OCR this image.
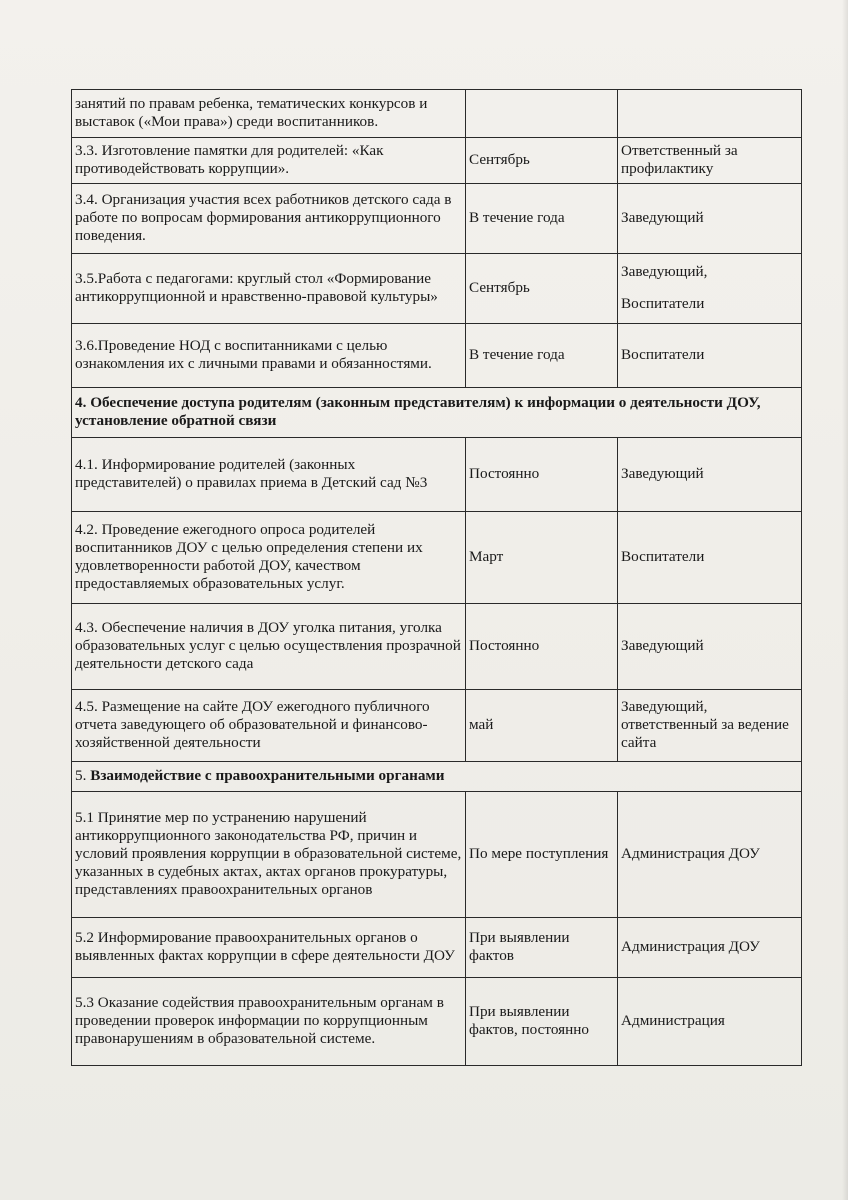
занятий по правам ребенка, тематических конкурсов и выставок («Мои права») среди воспитанников.		
3.3. Изготовление памятки для родителей: «Как противодействовать коррупции».	Сентябрь	Ответственный за профилактику
3.4. Организация участия всех работников детского сада в работе по вопросам формирования антикоррупционного поведения.	В течение года	Заведующий
3.5.Работа с педагогами: круглый стол «Формирование антикоррупционной и нравственно-правовой культуры»	Сентябрь	Заведующий,
Воспитатели

3.6.Проведение НОД с воспитанниками с целью ознакомления их с личными правами и обязанностями.	В течение года	Воспитатели
4. Обеспечение доступа родителям (законным представителям) к информации о деятельности ДОУ, установление обратной связи		
4.1. Информирование родителей (законных представителей) о правилах приема в Детский сад №3	Постоянно	Заведующий
4.2. Проведение ежегодного опроса родителей воспитанников ДОУ с целью определения степени их удовлетворенности работой ДОУ, качеством предоставляемых образовательных услуг.	Март	Воспитатели
4.3. Обеспечение наличия в ДОУ уголка питания, уголка образовательных услуг с целью осуществления прозрачной деятельности детского сада	Постоянно	Заведующий
4.5. Размещение на сайте ДОУ ежегодного публичного отчета заведующего об образовательной и финансово-хозяйственной деятельности	май	Заведующий, ответственный за ведение сайта
5. Взаимодействие с правоохранительными органами		
5.1 Принятие мер по устранению нарушений антикоррупционного законодательства РФ, причин и условий проявления коррупции в образовательной системе, указанных в судебных актах, актах органов прокуратуры, представлениях правоохранительных органов	По мере поступления	Администрация ДОУ
5.2 Информирование правоохранительных органов о выявленных фактах коррупции в сфере деятельности ДОУ	При выявлении фактов	Администрация ДОУ
5.3 Оказание содействия правоохранительным органам в проведении проверок информации по коррупционным правонарушениям в образовательной системе.	При выявлении фактов, постоянно	Администрация
